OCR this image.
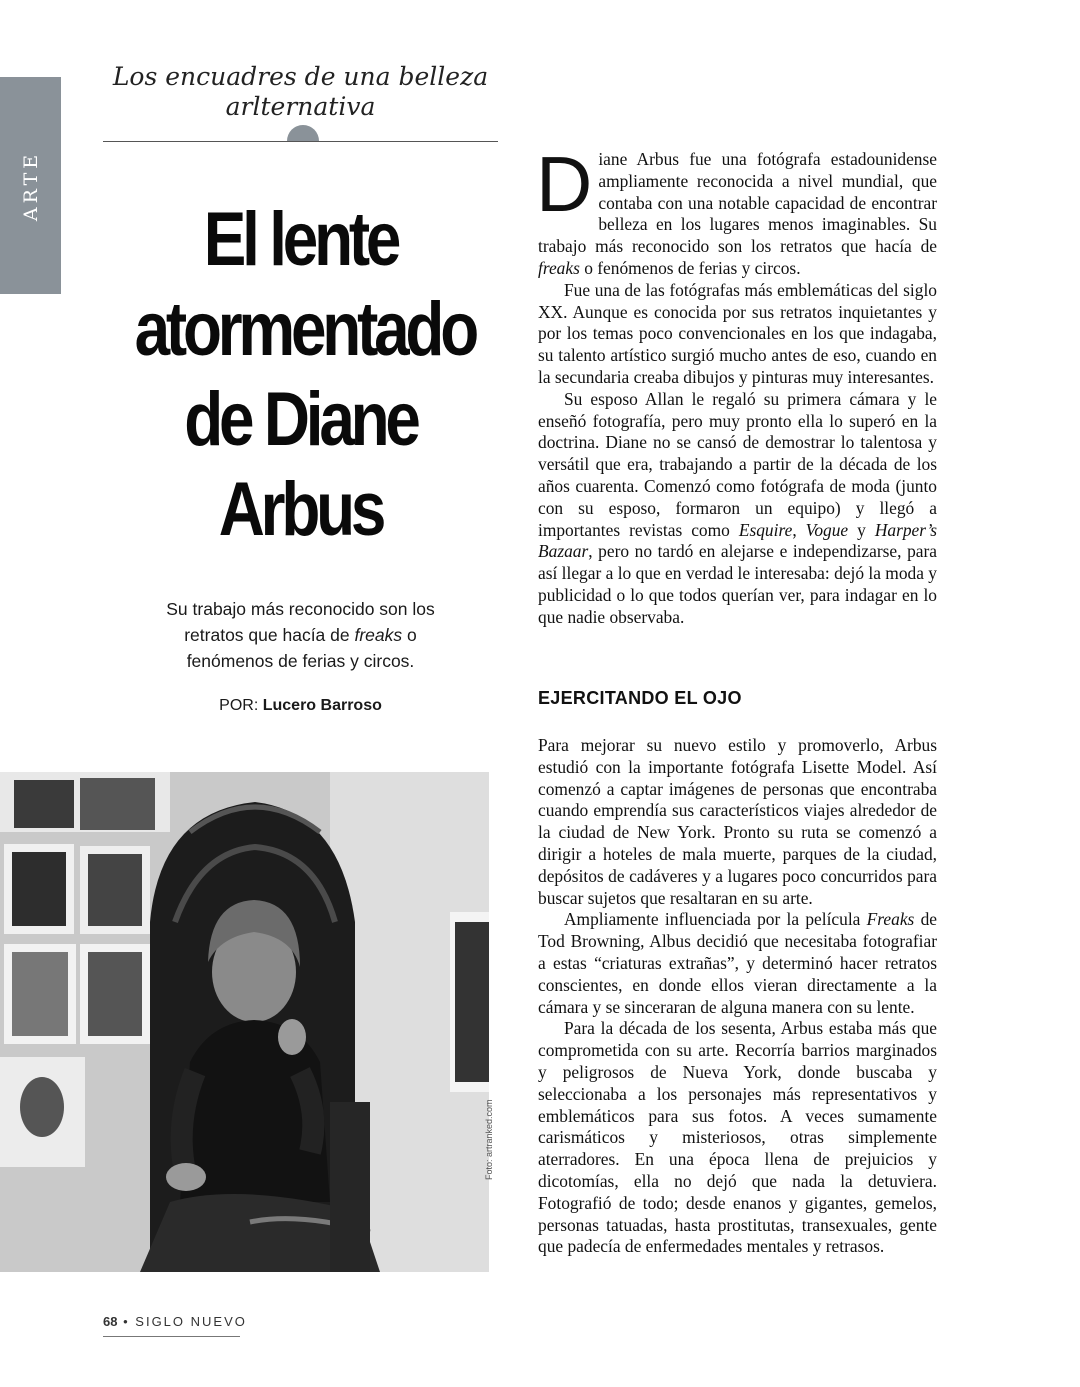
ARTE
Los encuadres de una belleza arlternativa
El lente
atormentado
de Diane
Arbus

Su trabajo más reconocido son los retratos que hacía de freaks o fenómenos de ferias y circos.

POR: Lucero Barroso

Foto: artranked.com

Diane Arbus fue una fotógrafa estadounidense ampliamente reconocida a nivel mundial, que contaba con una notable capacidad de encontrar belleza en los lugares menos imaginables. Su trabajo más reconocido son los retratos que hacía de freaks o fenómenos de ferias y circos.

Fue una de las fotógrafas más emblemáticas del siglo XX. Aunque es conocida por sus retratos inquietantes y por los temas poco convencionales en los que indagaba, su talento artístico surgió mucho antes de eso, cuando en la secundaria creaba dibujos y pinturas muy interesantes.

Su esposo Allan le regaló su primera cámara y le enseñó fotografía, pero muy pronto ella lo superó en la doctrina. Diane no se cansó de demostrar lo talentosa y versátil que era, trabajando a partir de la década de los años cuarenta. Comenzó como fotógrafa de moda (junto con su esposo, formaron un equipo) y llegó a importantes revistas como Esquire, Vogue y Harper’s Bazaar, pero no tardó en alejarse e independizarse, para así llegar a lo que en verdad le interesaba: dejó la moda y publicidad o lo que todos querían ver, para indagar en lo que nadie observaba.

EJERCITANDO EL OJO

Para mejorar su nuevo estilo y promoverlo, Arbus estudió con la importante fotógrafa Lisette Model. Así comenzó a captar imágenes de personas que encontraba cuando emprendía sus característicos viajes alrededor de la ciudad de New York. Pronto su ruta se comenzó a dirigir a hoteles de mala muerte, parques de la ciudad, depósitos de cadáveres y a lugares poco concurridos para buscar sujetos que resaltaran en su arte.

Ampliamente influenciada por la película Freaks de Tod Browning, Albus decidió que necesitaba fotografiar a estas “criaturas extrañas”, y determinó hacer retratos conscientes, en donde ellos vieran directamente a la cámara y se sinceraran de alguna manera con su lente.

Para la década de los sesenta, Arbus estaba más que comprometida con su arte. Recorría barrios marginados y peligrosos de Nueva York, donde buscaba y seleccionaba a los personajes más representativos y emblemáticos para sus fotos. A veces sumamente carismáticos y misteriosos, otras simplemente aterradores. En una época llena de prejuicios y dicotomías, ella no dejó que nada la detuviera. Fotografió de todo; desde enanos y gigantes, gemelos, personas tatuadas, hasta prostitutas, transexuales, gente que padecía de enfermedades mentales y retrasos.

68 • SIGLO NUEVO
